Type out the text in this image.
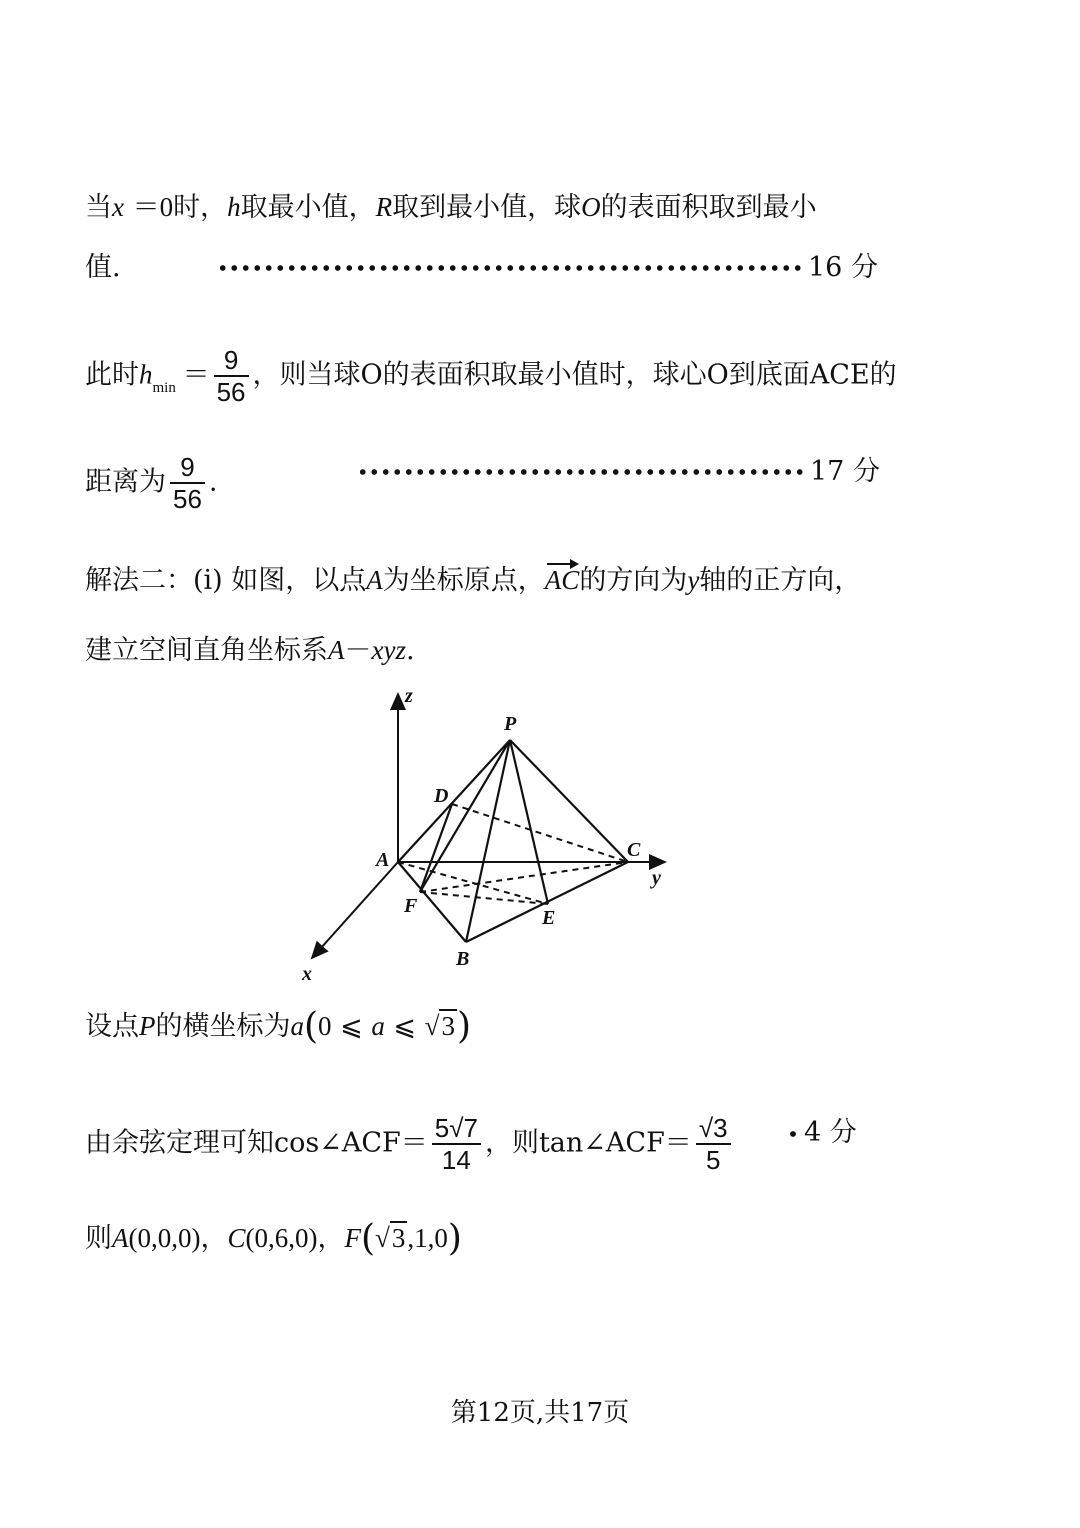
当x ＝0时，h取最小值，R取到最小值，球O的表面积取到最小
值.	16 分
此时$h_{min} = \frac{9}{56}$ ，则当球O的表面积取最小值时，球心O到底面ACE的
距离为 $\frac{9}{56}$ .	17 分
解法二：(i) 如图，以点A为坐标原点，AC的方向为y轴的正方向，
建立空间直角坐标系A－xyz.
z
P
D
A	C
y
F
E
B
x
设点P的横坐标为a(0 ⩽ a ⩽ √3)
由余弦定理可知cos∠ACF＝ $\frac{5√7}{14}$ ，则tan∠ACF＝ $\frac{√3}{5}$	4 分
则A(0,0,0)，C(0,6,0)，F(√3,1,0)
第12页,共17页
